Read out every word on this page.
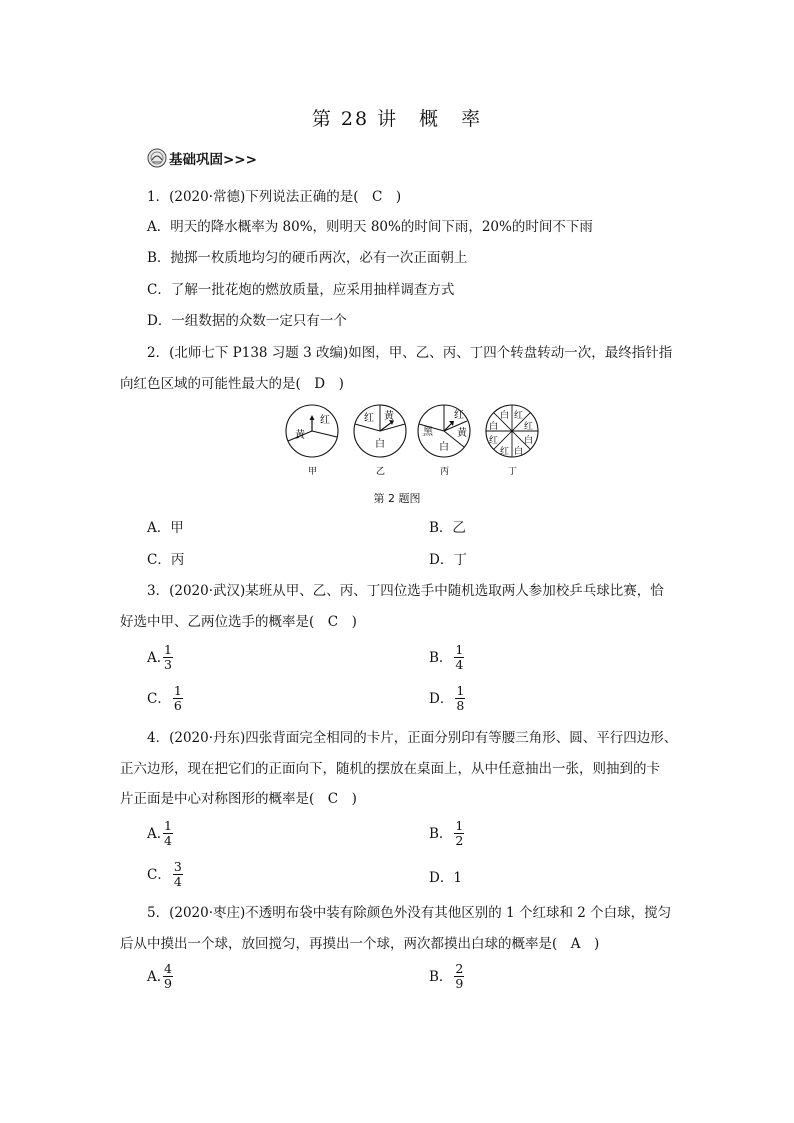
第 28 讲　概　率
基础巩固>>>
1．(2020·常德)下列说法正确的是(　C　)
A．明天的降水概率为 80%，则明天 80%的时间下雨，20%的时间不下雨
B．抛掷一枚质地均匀的硬币两次，必有一次正面朝上
C．了解一批花炮的燃放质量，应采用抽样调查方式
D．一组数据的众数一定只有一个
2．(北师七下 P138 习题 3 改编)如图，甲、乙、丙、丁四个转盘转动一次，最终指针指
向红色区域的可能性最大的是(　D　)
红
黄
甲
红 黄
白
乙
红
黑 黄
白
丙
白 红
白	红
红	白
红 白
丁
第 2 题图
A．甲	B．乙
C．丙	D．丁
3．(2020·武汉)某班从甲、乙、丙、丁四位选手中随机选取两人参加校乒乓球比赛，恰
好选中甲、乙两位选手的概率是(　C　)
A. $\frac{1}{3}$	B． $\frac{1}{4}$
C． $\frac{1}{6}$	D． $\frac{1}{8}$
4．(2020·丹东)四张背面完全相同的卡片，正面分别印有等腰三角形、圆、平行四边形、
正六边形，现在把它们的正面向下，随机的摆放在桌面上，从中任意抽出一张，则抽到的卡
片正面是中心对称图形的概率是(　C　)
A. $\frac{1}{4}$	B． $\frac{1}{2}$
C． $\frac{3}{4}$	D．1
5．(2020·枣庄)不透明布袋中装有除颜色外没有其他区别的 1 个红球和 2 个白球，搅匀
后从中摸出一个球，放回搅匀，再摸出一个球，两次都摸出白球的概率是(　A　)
A. $\frac{4}{9}$	B． $\frac{2}{9}$
